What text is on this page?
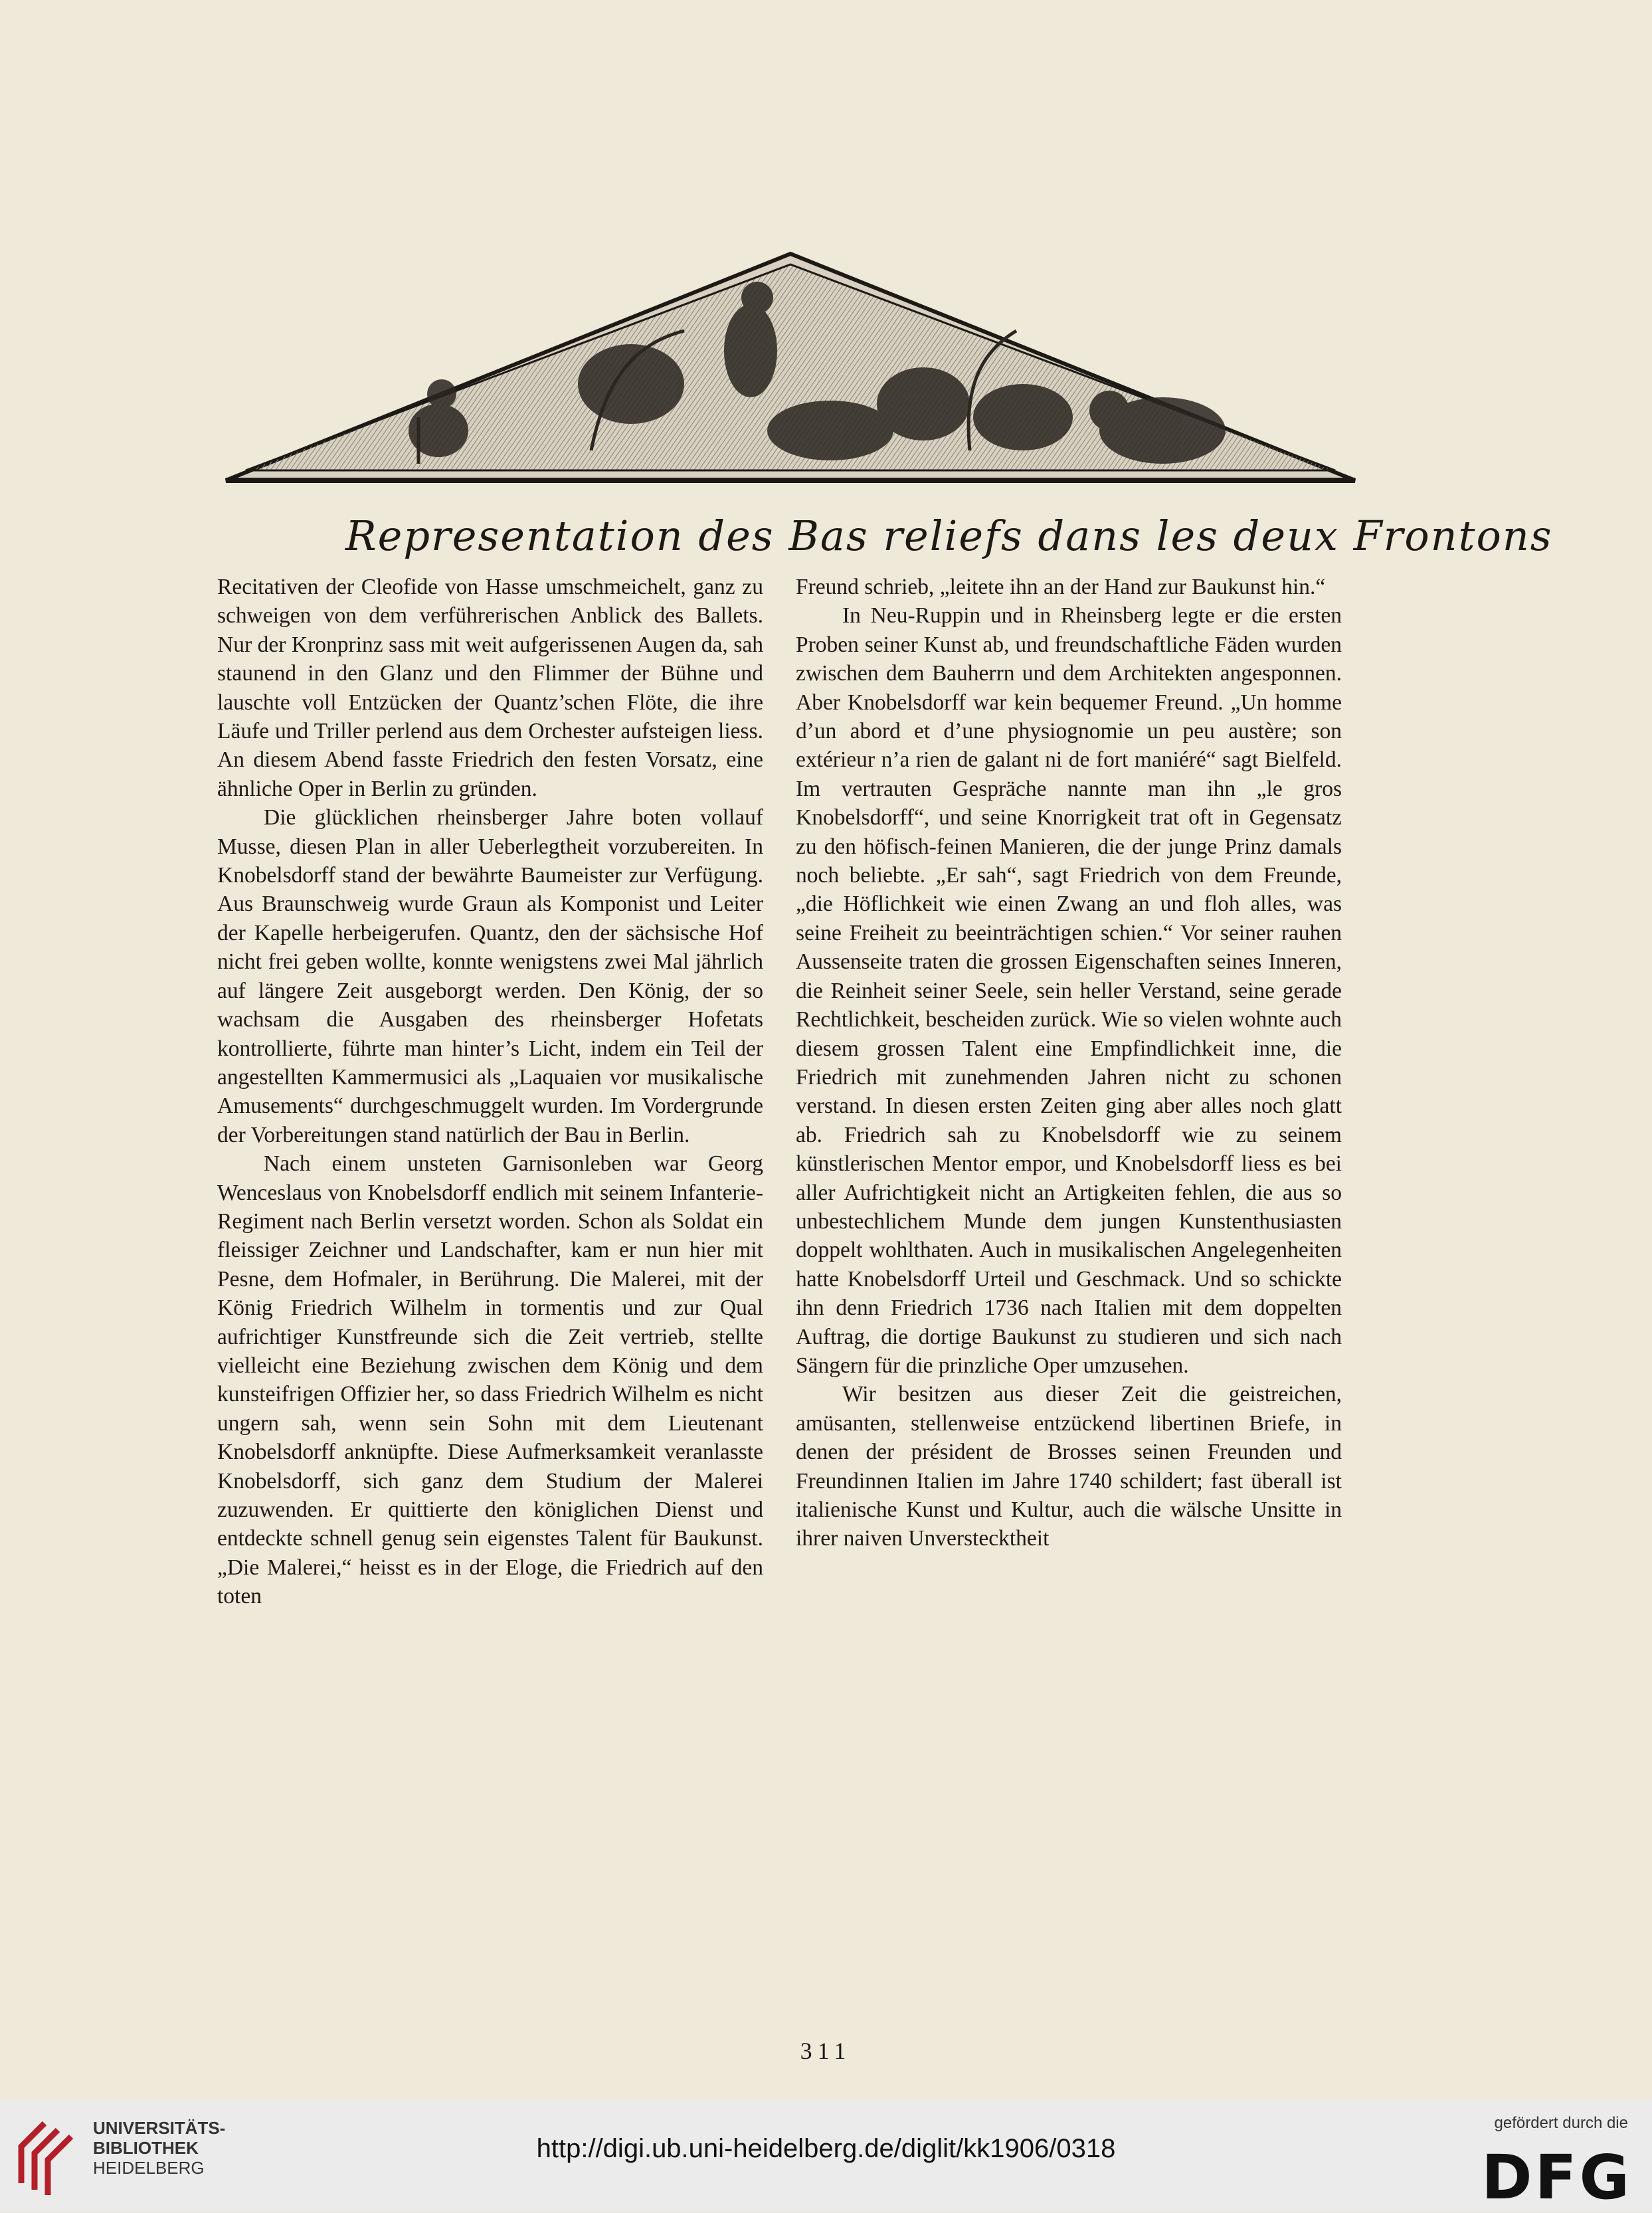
Representation des Bas reliefs dans les deux Frontons

Recitativen der Cleofide von Hasse umschmeichelt, ganz zu schweigen von dem verführerischen Anblick des Ballets. Nur der Kronprinz sass mit weit aufgerissenen Augen da, sah staunend in den Glanz und den Flimmer der Bühne und lauschte voll Entzücken der Quantz’schen Flöte, die ihre Läufe und Triller perlend aus dem Orchester aufsteigen liess. An diesem Abend fasste Friedrich den festen Vorsatz, eine ähnliche Oper in Berlin zu gründen.

Die glücklichen rheinsberger Jahre boten vollauf Musse, diesen Plan in aller Ueberlegtheit vorzubereiten. In Knobelsdorff stand der bewährte Baumeister zur Verfügung. Aus Braunschweig wurde Graun als Komponist und Leiter der Kapelle herbeigerufen. Quantz, den der sächsische Hof nicht frei geben wollte, konnte wenigstens zwei Mal jährlich auf längere Zeit ausgeborgt werden. Den König, der so wachsam die Ausgaben des rheinsberger Hofetats kontrollierte, führte man hinter’s Licht, indem ein Teil der angestellten Kammermusici als „Laquaien vor musikalische Amusements“ durchgeschmuggelt wurden. Im Vordergrunde der Vorbereitungen stand natürlich der Bau in Berlin.

Nach einem unsteten Garnisonleben war Georg Wenceslaus von Knobelsdorff endlich mit seinem Infanterie-Regiment nach Berlin versetzt worden. Schon als Soldat ein fleissiger Zeichner und Landschafter, kam er nun hier mit Pesne, dem Hofmaler, in Berührung. Die Malerei, mit der König Friedrich Wilhelm in tormentis und zur Qual aufrichtiger Kunstfreunde sich die Zeit vertrieb, stellte vielleicht eine Beziehung zwischen dem König und dem kunsteifrigen Offizier her, so dass Friedrich Wilhelm es nicht ungern sah, wenn sein Sohn mit dem Lieutenant Knobelsdorff anknüpfte. Diese Aufmerksamkeit veranlasste Knobelsdorff, sich ganz dem Studium der Malerei zuzuwenden. Er quittierte den königlichen Dienst und entdeckte schnell genug sein eigenstes Talent für Baukunst. „Die Malerei,“ heisst es in der Eloge, die Friedrich auf den toten

Freund schrieb, „leitete ihn an der Hand zur Baukunst hin.“

In Neu-Ruppin und in Rheinsberg legte er die ersten Proben seiner Kunst ab, und freundschaftliche Fäden wurden zwischen dem Bauherrn und dem Architekten angesponnen. Aber Knobelsdorff war kein bequemer Freund. „Un homme d’un abord et d’une physiognomie un peu austère; son extérieur n’a rien de galant ni de fort maniéré“ sagt Bielfeld. Im vertrauten Gespräche nannte man ihn „le gros Knobelsdorff“, und seine Knorrigkeit trat oft in Gegensatz zu den höfisch-feinen Manieren, die der junge Prinz damals noch beliebte. „Er sah“, sagt Friedrich von dem Freunde, „die Höflichkeit wie einen Zwang an und floh alles, was seine Freiheit zu beeinträchtigen schien.“ Vor seiner rauhen Aussenseite traten die grossen Eigenschaften seines Inneren, die Reinheit seiner Seele, sein heller Verstand, seine gerade Rechtlichkeit, bescheiden zurück. Wie so vielen wohnte auch diesem grossen Talent eine Empfindlichkeit inne, die Friedrich mit zunehmenden Jahren nicht zu schonen verstand. In diesen ersten Zeiten ging aber alles noch glatt ab. Friedrich sah zu Knobelsdorff wie zu seinem künstlerischen Mentor empor, und Knobelsdorff liess es bei aller Aufrichtigkeit nicht an Artigkeiten fehlen, die aus so unbestechlichem Munde dem jungen Kunstenthusiasten doppelt wohlthaten. Auch in musikalischen Angelegenheiten hatte Knobelsdorff Urteil und Geschmack. Und so schickte ihn denn Friedrich 1736 nach Italien mit dem doppelten Auftrag, die dortige Baukunst zu studieren und sich nach Sängern für die prinzliche Oper umzusehen.

Wir besitzen aus dieser Zeit die geistreichen, amüsanten, stellenweise entzückend libertinen Briefe, in denen der président de Brosses seinen Freunden und Freundinnen Italien im Jahre 1740 schildert; fast überall ist italienische Kunst und Kultur, auch die wälsche Unsitte in ihrer naiven Unverstecktheit

311
UNIVERSITÄTS-
BIBLIOTHEK
HEIDELBERG
http://digi.ub.uni-heidelberg.de/diglit/kk1906/0318
gefördert durch die
DFG
